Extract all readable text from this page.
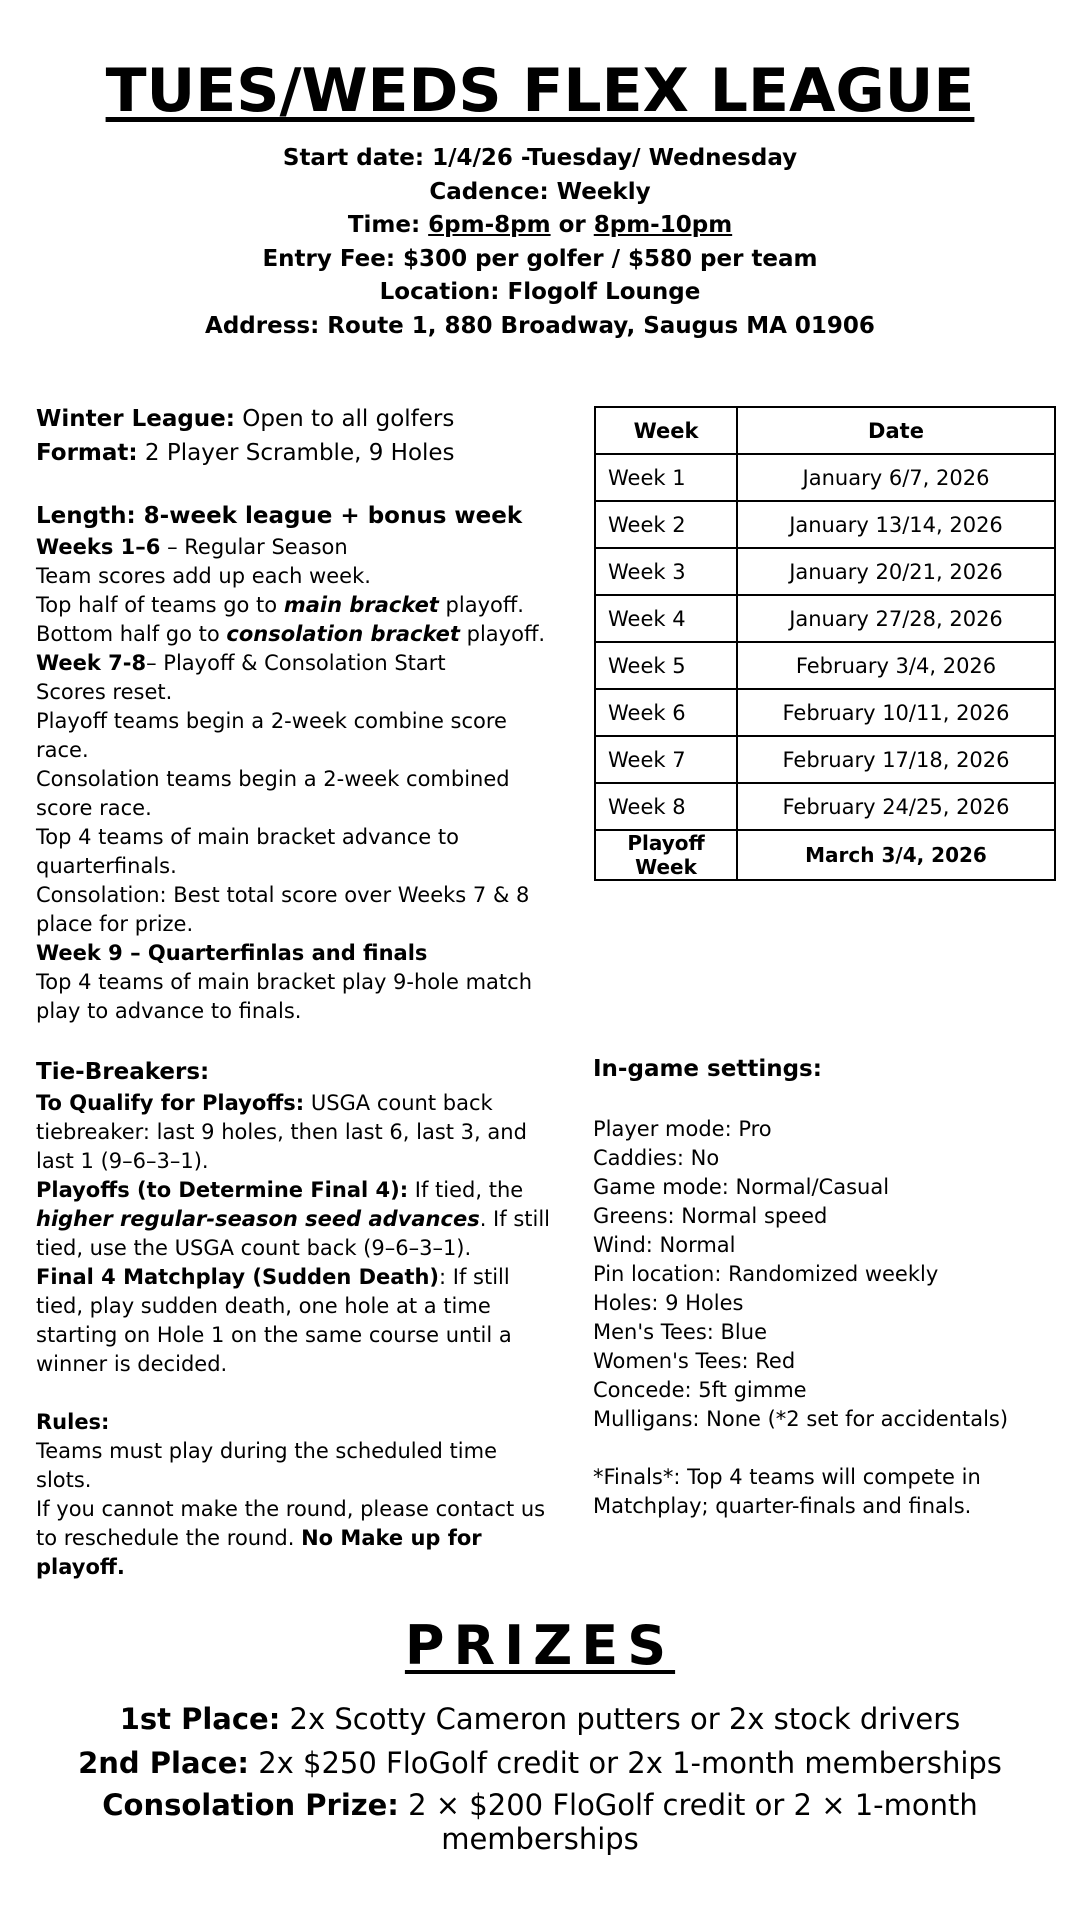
TUES/WEDS FLEX LEAGUE
Start date: 1/4/26 -Tuesday/ Wednesday
Cadence: Weekly
Time: 6pm-8pm or 8pm-10pm
Entry Fee: $300 per golfer / $580 per team
Location: Flogolf Lounge
Address: Route 1, 880 Broadway, Saugus MA 01906
Winter League: Open to all golfers
Format: 2 Player Scramble, 9 Holes
Length: 8-week league + bonus week
Weeks 1–6 – Regular Season
Team scores add up each week.
Top half of teams go to main bracket playoff.
Bottom half go to consolation bracket playoff.
Week 7-8– Playoff & Consolation Start
Scores reset.
Playoff teams begin a 2-week combine score race.
Consolation teams begin a 2-week combined score race.
Top 4 teams of main bracket advance to quarterfinals.
Consolation: Best total score over Weeks 7 & 8 place for prize.
Week 9 – Quarterfinlas and finals
Top 4 teams of main bracket play 9-hole match play to advance to finals.
Tie-Breakers:
To Qualify for Playoffs: USGA count back tiebreaker: last 9 holes, then last 6, last 3, and last 1 (9–6–3–1).
Playoffs (to Determine Final 4): If tied, the higher regular-season seed advances. If still tied, use the USGA count back (9–6–3–1).
Final 4 Matchplay (Sudden Death): If still tied, play sudden death, one hole at a time starting on Hole 1 on the same course until a winner is decided.
Rules:
Teams must play during the scheduled time slots.
If you cannot make the round, please contact us to reschedule the round. No Make up for playoff.
Week	Date
Week 1	January 6/7, 2026
Week 2	January 13/14, 2026
Week 3	January 20/21, 2026
Week 4	January 27/28, 2026
Week 5	February 3/4, 2026
Week 6	February 10/11, 2026
Week 7	February 17/18, 2026
Week 8	February 24/25, 2026
Playoff Week	March 3/4, 2026
In-game settings:
Player mode: Pro
Caddies: No
Game mode: Normal/Casual
Greens: Normal speed
Wind: Normal
Pin location: Randomized weekly
Holes: 9 Holes
Men's Tees: Blue
Women's Tees: Red
Concede: 5ft gimme
Mulligans: None (*2 set for accidentals)
*Finals*: Top 4 teams will compete in Matchplay; quarter-finals and finals.
PRIZES
1st Place: 2x Scotty Cameron putters or 2x stock drivers
2nd Place: 2x $250 FloGolf credit or 2x 1-month memberships
Consolation Prize: 2 × $200 FloGolf credit or 2 × 1-month memberships
